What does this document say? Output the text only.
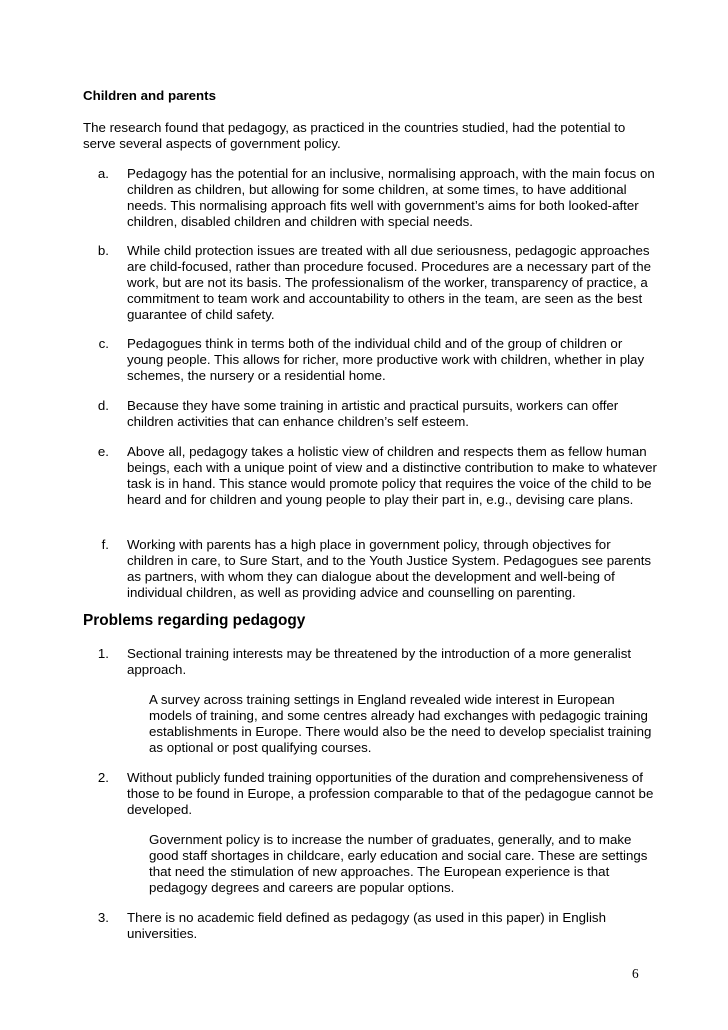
Children and parents
The research found that pedagogy, as practiced in the countries studied, had the potential to serve several aspects of government policy.
a. Pedagogy has the potential for an inclusive, normalising approach, with the main focus on children as children, but allowing for some children, at some times, to have additional needs. This normalising approach fits well with government’s aims for both looked-after children, disabled children and children with special needs.
b. While child protection issues are treated with all due seriousness, pedagogic approaches are child-focused, rather than procedure focused. Procedures are a necessary part of the work, but are not its basis. The professionalism of the worker, transparency of practice, a commitment to team work and accountability to others in the team, are seen as the best guarantee of child safety.
c. Pedagogues think in terms both of the individual child and of the group of children or young people. This allows for richer, more productive work with children, whether in play schemes, the nursery or a residential home.
d. Because they have some training in artistic and practical pursuits, workers can offer children activities that can enhance children’s self esteem.
e. Above all, pedagogy takes a holistic view of children and respects them as fellow human beings, each with a unique point of view and a distinctive contribution to make to whatever task is in hand. This stance would promote policy that requires the voice of the child to be heard and for children and young people to play their part in, e.g., devising care plans.
f. Working with parents has a high place in government policy, through objectives for children in care, to Sure Start, and to the Youth Justice System. Pedagogues see parents as partners, with whom they can dialogue about the development and well-being of individual children, as well as providing advice and counselling on parenting.
Problems regarding pedagogy
1. Sectional training interests may be threatened by the introduction of a more generalist approach.
A survey across training settings in England revealed wide interest in European models of training, and some centres already had exchanges with pedagogic training establishments in Europe. There would also be the need to develop specialist training as optional or post qualifying courses.
2. Without publicly funded training opportunities of the duration and comprehensiveness of those to be found in Europe, a profession comparable to that of the pedagogue cannot be developed.
Government policy is to increase the number of graduates, generally, and to make good staff shortages in childcare, early education and social care. These are settings that need the stimulation of new approaches. The European experience is that pedagogy degrees and careers are popular options.
3. There is no academic field defined as pedagogy (as used in this paper) in English universities.
6
